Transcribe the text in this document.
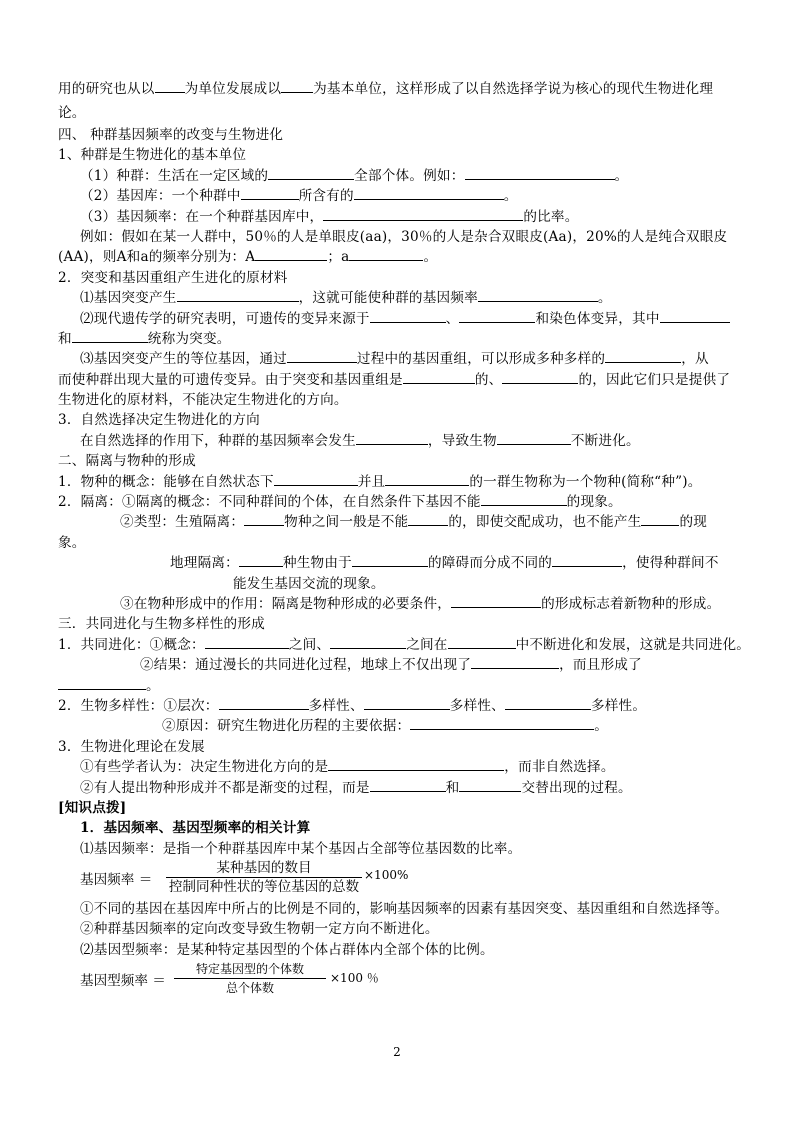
用的研究也从以 为单位发展成以 为基本单位，这样形成了以自然选择学说为核心的现代生物进化理
论。
四、 种群基因频率的改变与生物进化
1、种群是生物进化的基本单位
（1）种群：生活在一定区域的	全部个体。例如：	。
（2）基因库：一个种群中	所含有的	。
（3）基因频率：在一个种群基因库中，	的比率。
例如：假如在某一人群中，50％的人是单眼皮(aa)，30％的人是杂合双眼皮(Aa)，20%的人是纯合双眼皮
(AA)，则A和a的频率分别为：A	；a	。
2．突变和基因重组产生进化的原材料
⑴基因突变产生	，这就可能使种群的基因频率	。
⑵现代遗传学的研究表明，可遗传的变异来源于	、	和染色体变异，其中
和	统称为突变。
⑶基因突变产生的等位基因，通过	过程中的基因重组，可以形成多种多样的	，从
而使种群出现大量的可遗传变异。由于突变和基因重组是	的、	的，因此它们只是提供了
生物进化的原材料，不能决定生物进化的方向。
3．自然选择决定生物进化的方向
在自然选择的作用下，种群的基因频率会发生	，导致生物	不断进化。
二、隔离与物种的形成
1．物种的概念：能够在自然状态下	并且	的一群生物称为一个物种(简称“种”)。
2．隔离：①隔离的概念：不同种群间的个体，在自然条件下基因不能	的现象。
②类型：生殖隔离：	物种之间一般是不能	的，即使交配成功，也不能产生	的现
象。
地理隔离：	种生物由于	的障碍而分成不同的	，使得种群间不
能发生基因交流的现象。
③在物种形成中的作用：隔离是物种形成的必要条件，	的形成标志着新物种的形成。
三．共同进化与生物多样性的形成
1．共同进化：①概念：	之间、	之间在	中不断进化和发展，这就是共同进化。
②结果：通过漫长的共同进化过程，地球上不仅出现了	，而且形成了
。
2．生物多样性：①层次：	多样性、	多样性、	多样性。
②原因：研究生物进化历程的主要依据：	。
3．生物进化理论在发展
①有些学者认为：决定生物进化方向的是	，而非自然选择。
②有人提出物种形成并不都是渐变的过程，而是	和	交替出现的过程。
[知识点拨]
1．基因频率、基因型频率的相关计算
⑴基因频率：是指一个种群基因库中某个基因占全部等位基因数的比率。
基因频率 ＝
某种基因的数目
控制同种性状的等位基因的总数
×100%
①不同的基因在基因库中所占的比例是不同的，影响基因频率的因素有基因突变、基因重组和自然选择等。
②种群基因频率的定向改变导致生物朝一定方向不断进化。
⑵基因型频率：是某种特定基因型的个体占群体内全部个体的比例。
基因型频率 ＝
特定基因型的个体数
总个体数
×100 ％
2
